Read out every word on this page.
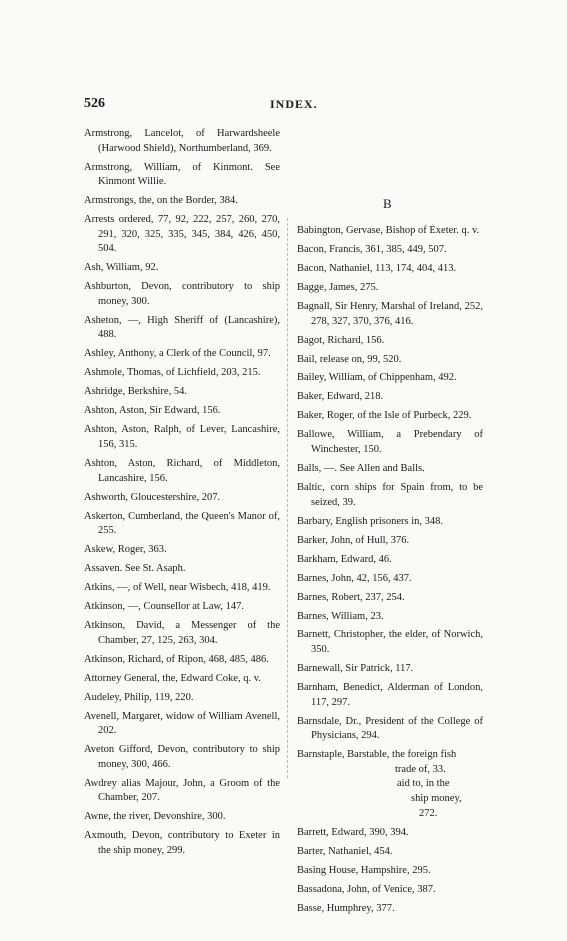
526	INDEX.

Armstrong, Lancelot, of Harwardsheele (Harwood Shield), Northumberland, 369.

Armstrong, William, of Kinmont. See Kinmont Willie.

Armstrongs, the, on the Border, 384.

Arrests ordered, 77, 92, 222, 257, 260, 270, 291, 320, 325, 335, 345, 384, 426, 450, 504.

Ash, William, 92.

Ashburton, Devon, contributory to ship money, 300.

Asheton, —, High Sheriff of (Lancashire), 488.

Ashley, Anthony, a Clerk of the Council, 97.

Ashmole, Thomas, of Lichfield, 203, 215.

Ashridge, Berkshire, 54.

Ashton, Aston, Sir Edward, 156.

Ashton, Aston, Ralph, of Lever, Lancashire, 156, 315.

Ashton, Aston, Richard, of Middleton, Lancashire, 156.

Ashworth, Gloucestershire, 207.

Askerton, Cumberland, the Queen's Manor of, 255.

Askew, Roger, 363.

Assaven. See St. Asaph.

Atkins, —, of Well, near Wisbech, 418, 419.

Atkinson, —, Counsellor at Law, 147.

Atkinson, David, a Messenger of the Chamber, 27, 125, 263, 304.

Atkinson, Richard, of Ripon, 468, 485, 486.

Attorney General, the, Edward Coke, q. v.

Audeley, Philip, 119, 220.

Avenell, Margaret, widow of William Avenell, 202.

Aveton Gifford, Devon, contributory to ship money, 300, 466.

Awdrey alias Majour, John, a Groom of the Chamber, 207.

Awne, the river, Devonshire, 300.

Axmouth, Devon, contributory to Exeter in the ship money, 299.

B

Babington, Gervase, Bishop of Exeter. q. v.

Bacon, Francis, 361, 385, 449, 507.

Bacon, Nathaniel, 113, 174, 404, 413.

Bagge, James, 275.

Bagnall, Sir Henry, Marshal of Ireland, 252, 278, 327, 370, 376, 416.

Bagot, Richard, 156.

Bail, release on, 99, 520.

Bailey, William, of Chippenham, 492.

Baker, Edward, 218.

Baker, Roger, of the Isle of Purbeck, 229.

Ballowe, William, a Prebendary of Winchester, 150.

Balls, —. See Allen and Balls.

Baltic, corn ships for Spain from, to be seized, 39.

Barbary, English prisoners in, 348.

Barker, John, of Hull, 376.

Barkham, Edward, 46.

Barnes, John, 42, 156, 437.

Barnes, Robert, 237, 254.

Barnes, William, 23.

Barnett, Christopher, the elder, of Norwich, 350.

Barnewall, Sir Patrick, 117.

Barnham, Benedict, Alderman of London, 117, 297.

Barnsdale, Dr., President of the College of Physicians, 294.

Barnstaple, Barstable, the foreign fish
trade of, 33.
aid to, in the
ship money,
272.

Barrett, Edward, 390, 394.

Barter, Nathaniel, 454.

Basing House, Hampshire, 295.

Bassadona, John, of Venice, 387.

Basse, Humphrey, 377.
